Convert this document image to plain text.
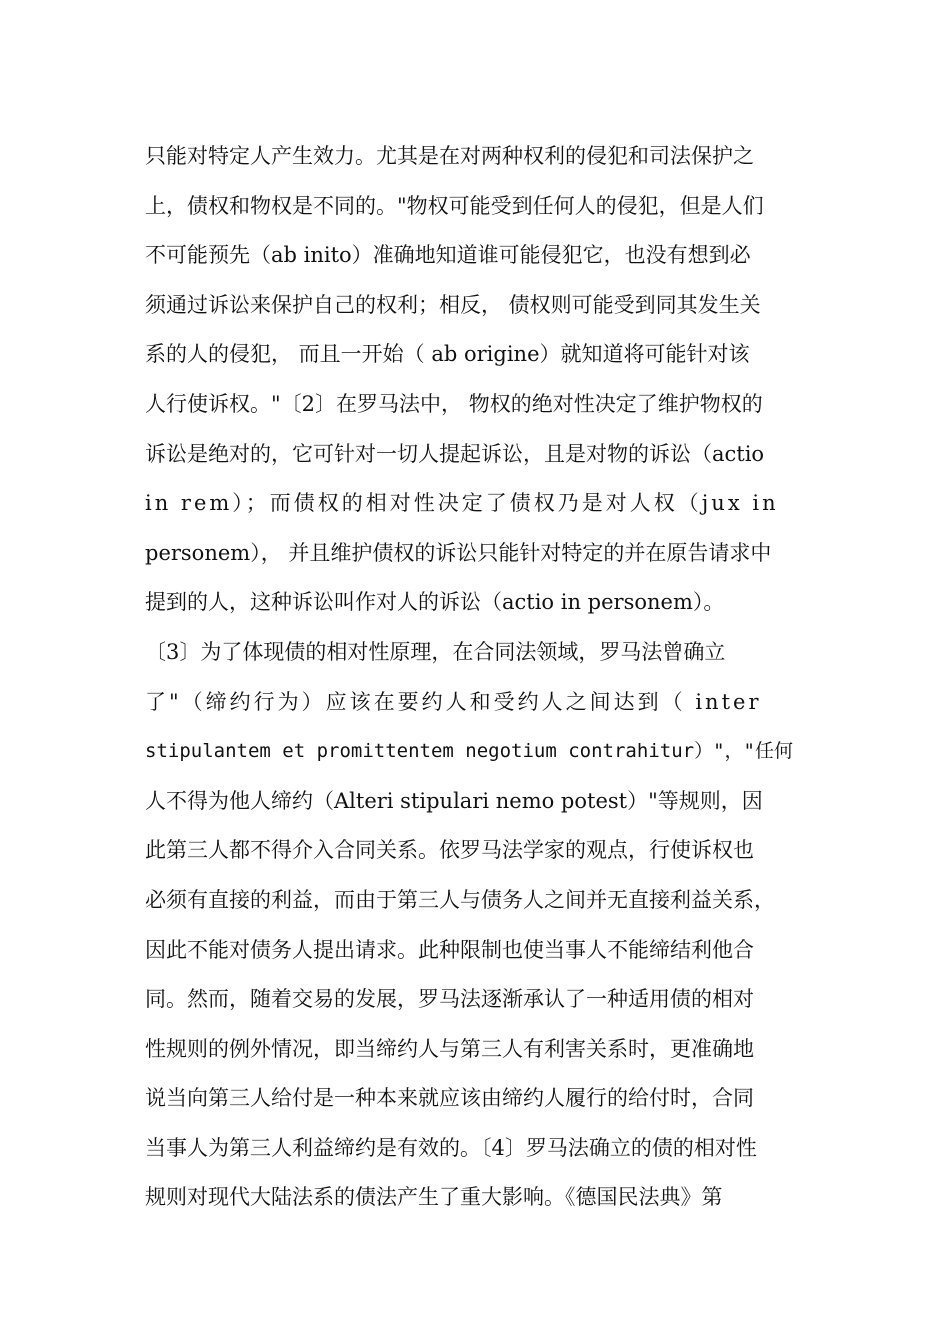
只能对特定人产生效力。尤其是在对两种权利的侵犯和司法保护之
上，债权和物权是不同的。"物权可能受到任何人的侵犯，但是人们
不可能预先（ab inito）准确地知道谁可能侵犯它，也没有想到必
须通过诉讼来保护自己的权利；相反， 债权则可能受到同其发生关
系的人的侵犯， 而且一开始（ ab origine）就知道将可能针对该
人行使诉权。"〔2〕在罗马法中， 物权的绝对性决定了维护物权的
诉讼是绝对的，它可针对一切人提起诉讼，且是对物的诉讼（actio
in rem）；而债权的相对性决定了债权乃是对人权（jux in
personem）， 并且维护债权的诉讼只能针对特定的并在原告请求中
提到的人，这种诉讼叫作对人的诉讼（actio in personem）。
〔3〕为了体现债的相对性原理，在合同法领域，罗马法曾确立
了"（缔约行为）应该在要约人和受约人之间达到（ inter
stipulantem et promittentem negotium contrahitur）"，"任何
人不得为他人缔约（Alteri stipulari nemo potest）"等规则，因
此第三人都不得介入合同关系。依罗马法学家的观点，行使诉权也
必须有直接的利益，而由于第三人与债务人之间并无直接利益关系，
因此不能对债务人提出请求。此种限制也使当事人不能缔结利他合
同。然而，随着交易的发展，罗马法逐渐承认了一种适用债的相对
性规则的例外情况，即当缔约人与第三人有利害关系时，更准确地
说当向第三人给付是一种本来就应该由缔约人履行的给付时，合同
当事人为第三人利益缔约是有效的。〔4〕罗马法确立的债的相对性
规则对现代大陆法系的债法产生了重大影响。《德国民法典》第
